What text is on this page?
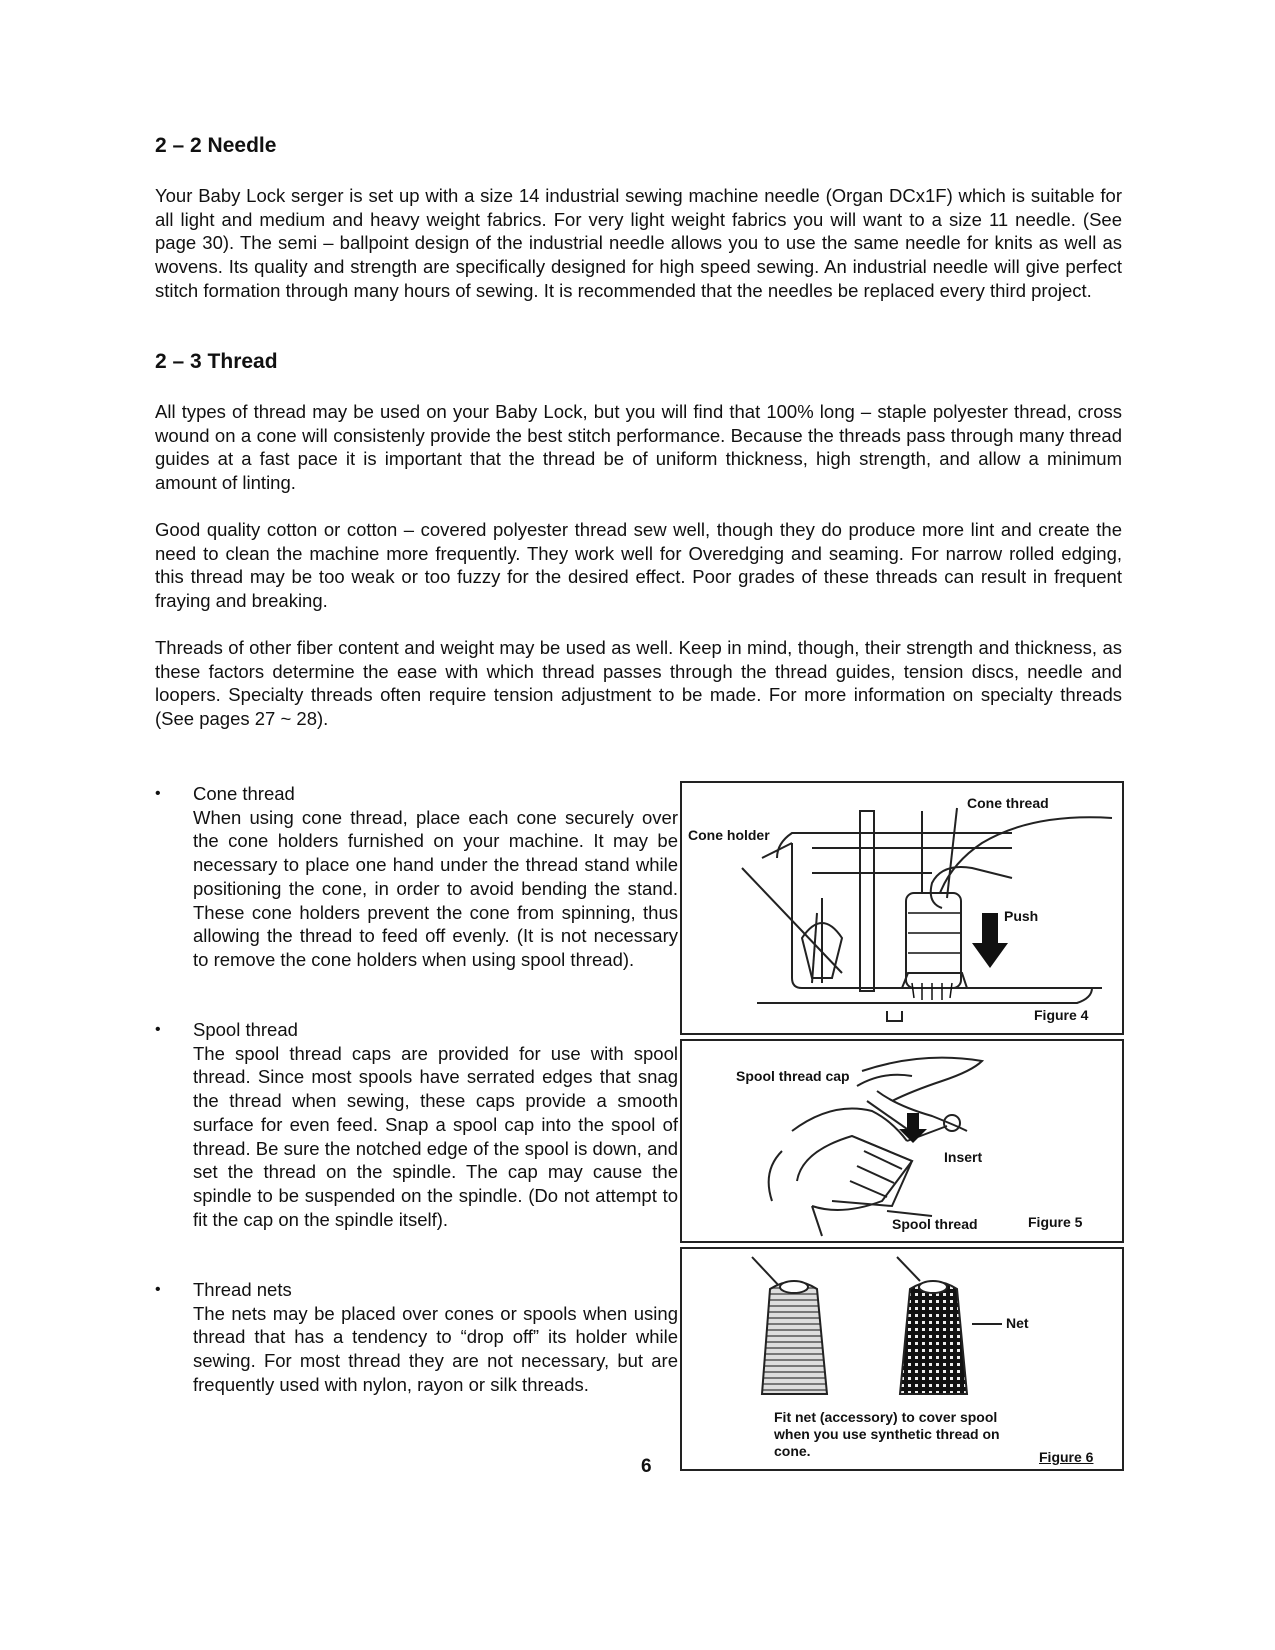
2 – 2 Needle

Your Baby Lock serger is set up with a size 14 industrial sewing machine needle (Organ DCx1F) which is suitable for all light and medium and heavy weight fabrics. For very light weight fabrics you will want to a size 11 needle. (See page 30). The semi – ballpoint design of the industrial needle allows you to use the same needle for knits as well as wovens. Its quality and strength are specifically designed for high speed sewing. An industrial needle will give perfect stitch formation through many hours of sewing. It is recommended that the needles be replaced every third project.

2 – 3 Thread

All types of thread may be used on your Baby Lock, but you will find that 100% long – staple polyester thread, cross wound on a cone will consistenly provide the best stitch performance. Because the threads pass through many thread guides at a fast pace it is important that the thread be of uniform thickness, high strength, and allow a minimum amount of linting.

Good quality cotton or cotton – covered polyester thread sew well, though they do produce more lint and create the need to clean the machine more frequently. They work well for Overedging and seaming. For narrow rolled edging, this thread may be too weak or too fuzzy for the desired effect. Poor grades of these threads can result in frequent fraying and breaking.

Threads of other fiber content and weight may be used as well. Keep in mind, though, their strength and thickness, as these factors determine the ease with which thread passes through the thread guides, tension discs, needle and loopers. Specialty threads often require tension adjustment to be made. For more information on specialty threads (See pages 27 ~ 28).

• Cone thread

When using cone thread, place each cone securely over the cone holders furnished on your machine. It may be necessary to place one hand under the thread stand while positioning the cone, in order to avoid bending the stand. These cone holders prevent the cone from spinning, thus allowing the thread to feed off evenly. (It is not necessary to remove the cone holders when using spool thread).

• Spool thread

The spool thread caps are provided for use with spool thread. Since most spools have serrated edges that snag the thread when sewing, these caps provide a smooth surface for even feed. Snap a spool cap into the spool of thread. Be sure the notched edge of the spool is down, and set the thread on the spindle. The cap may cause the spindle to be suspended on the spindle. (Do not attempt to fit the cap on the spindle itself).

• Thread nets

The nets may be placed over cones or spools when using thread that has a tendency to “drop off” its holder while sewing. For most thread they are not necessary, but are frequently used with nylon, rayon or silk threads.

6
Cone thread
Cone holder
Push
Figure 4
Spool thread cap
Insert
Spool thread	Figure 5
Net
Fit net (accessory) to cover spool
when you use synthetic thread on
cone.	Figure 6
